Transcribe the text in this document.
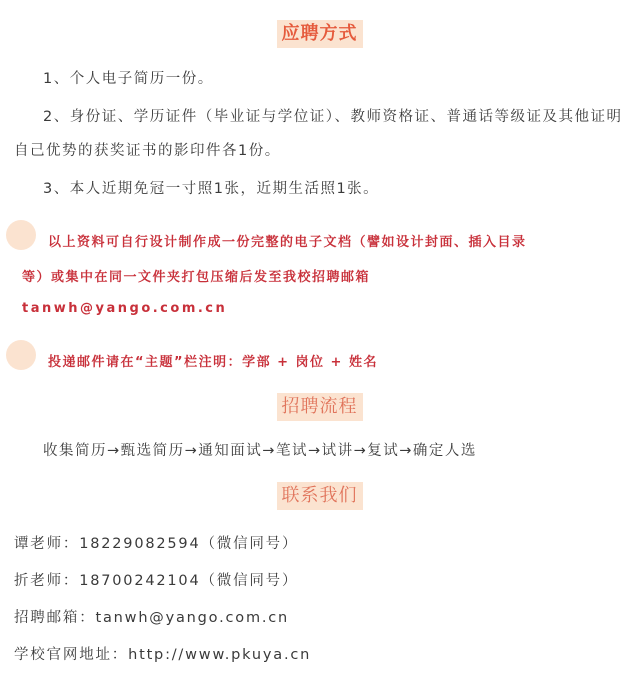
应聘方式
1、个人电子简历一份。
2、身份证、学历证件（毕业证与学位证）、教师资格证、普通话等级证及其他证明自己优势的获奖证书的影印件各1份。
3、本人近期免冠一寸照1张，近期生活照1张。
以上资料可自行设计制作成一份完整的电子文档（譬如设计封面、插入目录
等）或集中在同一文件夹打包压缩后发至我校招聘邮箱
tanwh@yango.com.cn
投递邮件请在“主题”栏注明：学部 + 岗位 + 姓名
招聘流程
收集简历→甄选简历→通知面试→笔试→试讲→复试→确定人选
联系我们
谭老师：18229082594（微信同号）
折老师：18700242104（微信同号）
招聘邮箱：tanwh@yango.com.cn
学校官网地址：http://www.pkuya.cn
